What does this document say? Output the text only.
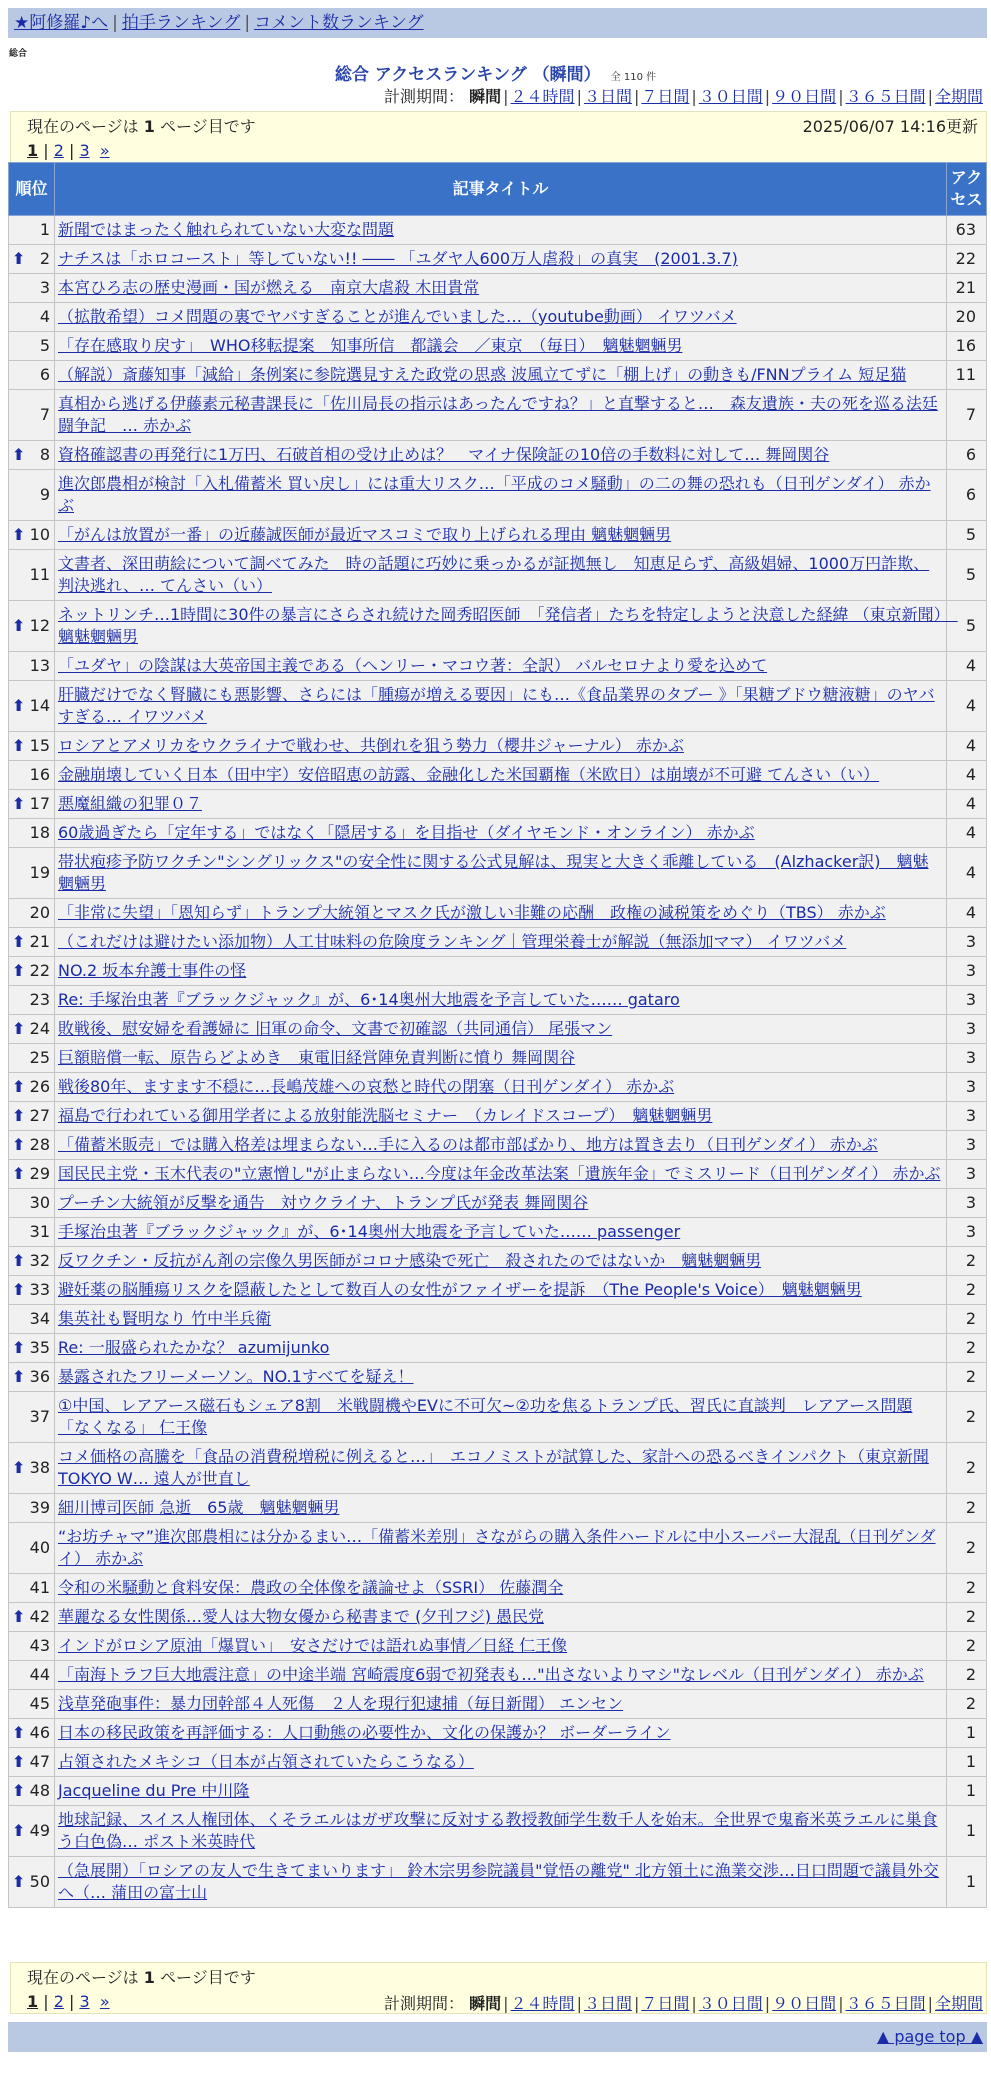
★阿修羅♪へ | 拍手ランキング | コメント数ランキング
総合
総合 アクセスランキング （瞬間） 全 110 件
計測期間： 瞬間 | ２４時間 | ３日間 | ７日間 | ３０日間 | ９０日間 | ３６５日間 | 全期間
現在のページは 1 ページ目です	2025/06/07 14:16更新
1 | 2 | 3 »
順位	記事タイトル	アクセス
1	新聞ではまったく触れられていない大変な問題	63

⬆ 2	ナチスは「ホロコースト」等していない!! ―― 「ユダヤ人600万人虐殺」の真実　(2001.3.7)	22
3	本宮ひろ志の歴史漫画・国が燃える　南京大虐殺 木田貴常	21
4	（拡散希望）コメ問題の裏でヤバすぎることが進んでいました…（youtube動画） イワツバメ	20
5	「存在感取り戻す」　WHO移転提案　知事所信　都議会　／東京　（毎日）　魑魅魍魎男	16
6	（解説）斎藤知事「減給」条例案に参院選見すえた政党の思惑 波風立てずに「棚上げ」の動きも/FNNプライム 短足猫	11
7	真相から逃げる伊藤素元秘書課長に「佐川局長の指示はあったんですね？」と直撃すると…　森友遺族・夫の死を巡る法廷闘争記　… 赤かぶ	7

⬆ 8	資格確認書の再発行に1万円、石破首相の受け止めは？　マイナ保険証の10倍の手数料に対して… 舞岡関谷	6
9	進次郎農相が検討「入札備蓄米 買い戻し」には重大リスク…「平成のコメ騒動」の二の舞の恐れも（日刊ゲンダイ） 赤かぶ	6

⬆ 10	「がんは放置が一番」の近藤誠医師が最近マスコミで取り上げられる理由 魑魅魍魎男	5
11	文書者、深田萌絵について調べてみた　時の話題に巧妙に乗っかるが証拠無し　知恵足らず、高級娼婦、1000万円詐欺、判決逃れ、… てんさい（い）	5

⬆ 12	ネットリンチ…1時間に30件の暴言にさらされ続けた岡秀昭医師　「発信者」たちを特定しようと決意した経緯 （東京新聞）　魑魅魍魎男	5
13	「ユダヤ」の陰謀は大英帝国主義である（ヘンリー・マコウ著：全訳） バルセロナより愛を込めて	4

⬆ 14	肝臓だけでなく腎臓にも悪影響、さらには「腫瘍が増える要因」にも…《食品業界のタブー 》「果糖ブドウ糖液糖」のヤバすぎる… イワツバメ	4

⬆ 15	ロシアとアメリカをウクライナで戦わせ、共倒れを狙う勢力（櫻井ジャーナル） 赤かぶ	4
16	金融崩壊していく日本（田中宇）安倍昭恵の訪露、金融化した米国覇権（米欧日）は崩壊が不可避 てんさい（い）	4

⬆ 17	悪魔組織の犯罪０７	4
18	60歳過ぎたら「定年する」ではなく「隠居する」を目指せ（ダイヤモンド・オンライン） 赤かぶ	4
19	帯状疱疹予防ワクチン"シングリックス"の安全性に関する公式見解は、現実と大きく乖離している　(Alzhacker訳)　魑魅魍魎男	4
20	「非常に失望」「恩知らず」トランプ大統領とマスク氏が激しい非難の応酬　政権の減税策をめぐり（TBS） 赤かぶ	4

⬆ 21	（これだけは避けたい添加物）人工甘味料の危険度ランキング｜管理栄養士が解説（無添加ママ） イワツバメ	3

⬆ 22	NO.2 坂本弁護士事件の怪	3
23	Re: 手塚治虫著『ブラックジャック』が、6･14奥州大地震を予言していた…… gataro	3

⬆ 24	敗戦後、慰安婦を看護婦に 旧軍の命令、文書で初確認（共同通信） 尾張マン	3
25	巨額賠償一転、原告らどよめき　東電旧経営陣免責判断に憤り 舞岡関谷	3

⬆ 26	戦後80年、ますます不穏に…長嶋茂雄への哀愁と時代の閉塞（日刊ゲンダイ） 赤かぶ	3

⬆ 27	福島で行われている御用学者による放射能洗脳セミナー　（カレイドスコープ）　魑魅魍魎男	3

⬆ 28	「備蓄米販売」では購入格差は埋まらない…手に入るのは都市部ばかり、地方は置き去り（日刊ゲンダイ） 赤かぶ	3

⬆ 29	国民民主党・玉木代表の"立憲憎し"が止まらない…今度は年金改革法案「遺族年金」でミスリード（日刊ゲンダイ） 赤かぶ	3
30	プーチン大統領が反撃を通告　対ウクライナ、トランプ氏が発表 舞岡関谷	3
31	手塚治虫著『ブラックジャック』が、6･14奥州大地震を予言していた…… passenger	3

⬆ 32	反ワクチン・反抗がん剤の宗像久男医師がコロナ感染で死亡　殺されたのではないか　魑魅魍魎男	2

⬆ 33	避妊薬の脳腫瘍リスクを隠蔽したとして数百人の女性がファイザーを提訴　（The People's Voice）　魑魅魍魎男	2
34	集英社も賢明なり 竹中半兵衛	2

⬆ 35	Re: 一服盛られたかな？ azumijunko	2

⬆ 36	暴露されたフリーメーソン。NO.1すべてを疑え！	2
37	①中国、レアアース磁石もシェア8割　米戦闘機やEVに不可欠~②功を焦るトランプ氏、習氏に直談判　レアアース問題「なくなる」 仁王像	2

⬆ 38	コメ価格の高騰を「食品の消費税増税に例えると…」　エコノミストが試算した、家計への恐るべきインパクト（東京新聞TOKYO W… 遠人が世直し	2
39	細川博司医師 急逝　65歳　魑魅魍魎男	2
40	“お坊チャマ”進次郎農相には分かるまい…「備蓄米差別」さながらの購入条件ハードルに中小スーパー大混乱（日刊ゲンダイ） 赤かぶ	2
41	令和の米騒動と食料安保：農政の全体像を議論せよ（SSRI） 佐藤潤全	2

⬆ 42	華麗なる女性関係…愛人は大物女優から秘書まで (夕刊フジ) 愚民党	2
43	インドがロシア原油「爆買い」　安さだけでは語れぬ事情／日経 仁王像	2
44	「南海トラフ巨大地震注意」の中途半端 宮崎震度6弱で初発表も…"出さないよりマシ"なレベル（日刊ゲンダイ） 赤かぶ	2
45	浅草発砲事件：暴力団幹部４人死傷　２人を現行犯逮捕（毎日新聞） エンセン	2

⬆ 46	日本の移民政策を再評価する：人口動態の必要性か、文化の保護か？ ボーダーライン	1

⬆ 47	占領されたメキシコ（日本が占領されていたらこうなる）	1

⬆ 48	Jacqueline du Pre 中川隆	1

⬆ 49	地球記録、スイス人権団体、くそラエルはガザ攻撃に反対する教授教師学生数千人を始末。全世界で鬼畜米英ラエルに巣食う白色偽… ポスト米英時代	1

⬆ 50	（急展開）「ロシアの友人で生きてまいります」 鈴木宗男参院議員"覚悟の離党" 北方領土に漁業交渉…日口問題で議員外交へ（… 蒲田の富士山	1
現在のページは 1 ページ目です
1 | 2 | 3 »	計測期間： 瞬間 | ２４時間 | ３日間 | ７日間 | ３０日間 | ９０日間 | ３６５日間 | 全期間
▲ page top ▲
